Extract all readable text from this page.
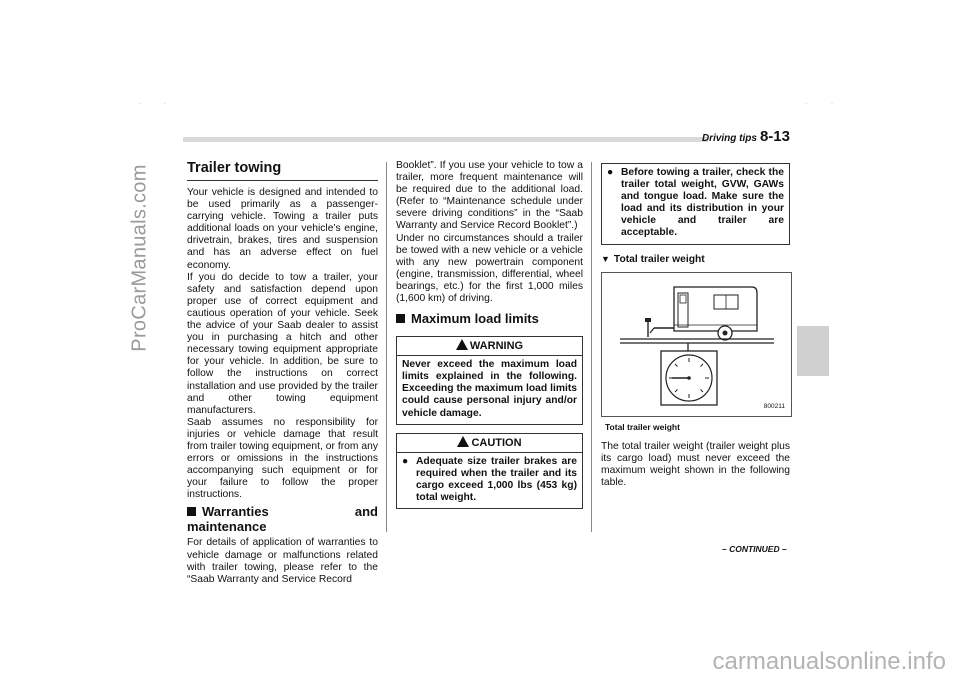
ProCarManuals.com
carmanualsonline.info
· ·	· ·
Driving tips 8-13
Trailer towing

Your vehicle is designed and intended to be used primarily as a passenger-carrying vehicle. Towing a trailer puts additional loads on your vehicle’s engine, drivetrain, brakes, tires and suspension and has an adverse effect on fuel economy.

If you do decide to tow a trailer, your safety and satisfaction depend upon proper use of correct equipment and cautious operation of your vehicle. Seek the advice of your Saab dealer to assist you in purchasing a hitch and other necessary towing equipment appropriate for your vehicle. In addition, be sure to follow the instructions on correct installation and use provided by the trailer and other towing equipment manufacturers.

Saab assumes no responsibility for injuries or vehicle damage that result from trailer towing equipment, or from any errors or omissions in the instructions accompanying such equipment or for your failure to follow the proper instructions.

Warranties and maintenance

For details of application of warranties to vehicle damage or malfunctions related with trailer towing, please refer to the “Saab Warranty and Service Record

Booklet”. If you use your vehicle to tow a trailer, more frequent maintenance will be required due to the additional load. (Refer to “Maintenance schedule under severe driving conditions” in the “Saab Warranty and Service Record Booklet”.)

Under no circumstances should a trailer be towed with a new vehicle or a vehicle with any new powertrain component (engine, transmission, differential, wheel bearings, etc.) for the first 1,000 miles (1,600 km) of driving.

Maximum load limits
WARNING
Never exceed the maximum load limits explained in the following. Exceeding the maximum load limits could cause personal injury and/or vehicle damage.
CAUTION
● Adequate size trailer brakes are required when the trailer and its cargo exceed 1,000 lbs (453 kg) total weight.
● Before towing a trailer, check the trailer total weight, GVW, GAWs and tongue load. Make sure the load and its distribution in your vehicle and trailer are acceptable.
▼ Total trailer weight
800211
Total trailer weight

The total trailer weight (trailer weight plus its cargo load) must never exceed the maximum weight shown in the following table.

– CONTINUED –
